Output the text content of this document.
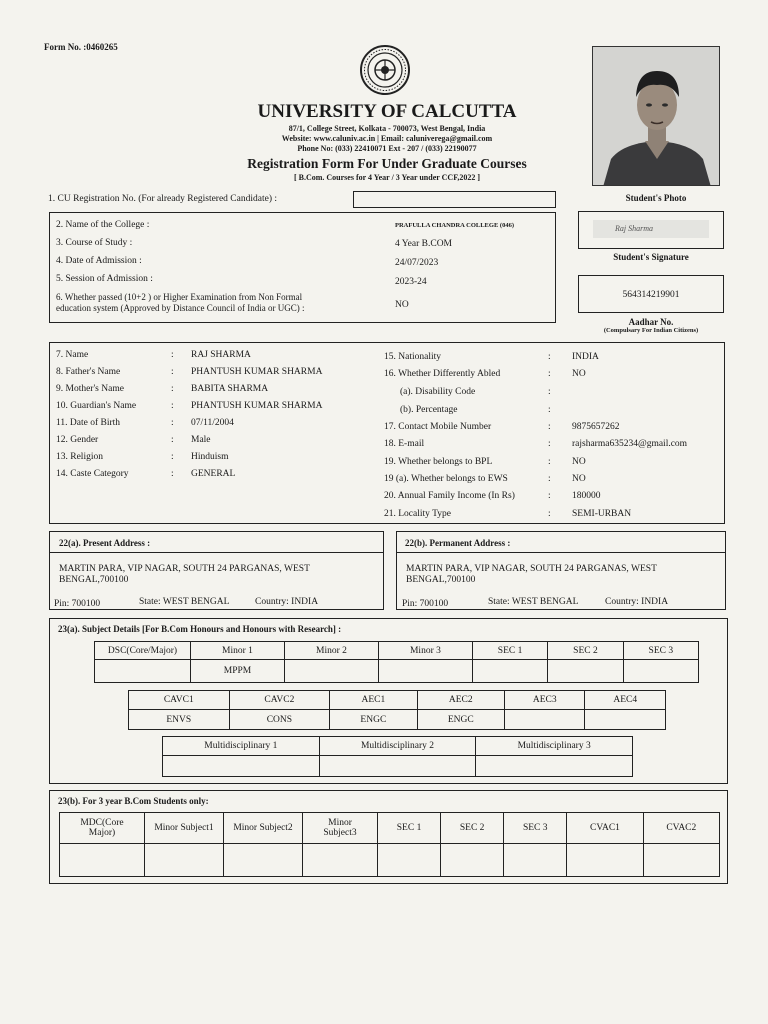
Form No. :0460265
UNIVERSITY OF CALCUTTA
87/1, College Street, Kolkata - 700073, West Bengal, India
Website: www.caluniv.ac.in | Email: caluniverega@gmail.com
Phone No: (033) 22410071 Ext - 207 / (033) 22190077
Registration Form For Under Graduate Courses
[ B.Com. Courses for 4 Year / 3 Year under CCF,2022 ]
Student's Photo
Raj Sharma
Student's Signature
564314219901
Aadhar No.
(Compulsary For Indian Citizens)
1. CU Registration No. (For already Registered Candidate) :
2. Name of the College :	PRAFULLA CHANDRA COLLEGE (046)
3. Course of Study :	4 Year B.COM
4. Date of Admission :	24/07/2023
5. Session of Admission :	2023-24
6. Whether passed (10+2 ) or Higher Examination from Non Formal
education system (Approved by Distance Council of India or UGC) :	NO
7. Name	: RAJ SHARMA
8. Father's Name	: PHANTUSH KUMAR SHARMA
9. Mother's Name	: BABITA SHARMA
10. Guardian's Name	: PHANTUSH KUMAR SHARMA
11. Date of Birth	: 07/11/2004
12. Gender	: Male
13. Religion	: Hinduism
14. Caste Category	: GENERAL
15. Nationality	: INDIA
16. Whether Differently Abled	: NO
(a). Disability Code	:
(b). Percentage	:
17. Contact Mobile Number	: 9875657262
18. E-mail	: rajsharma635234@gmail.com
19. Whether belongs to BPL	: NO
19 (a). Whether belongs to EWS	: NO
20. Annual Family Income (In Rs)	: 180000
21. Locality Type	: SEMI-URBAN
22(a). Present Address :
MARTIN PARA, VIP NAGAR, SOUTH 24 PARGANAS, WEST
BENGAL,700100
Pin: 700100	State: WEST BENGAL	Country: INDIA
22(b). Permanent Address :
MARTIN PARA, VIP NAGAR, SOUTH 24 PARGANAS, WEST
BENGAL,700100
Pin: 700100	State: WEST BENGAL	Country: INDIA
23(a). Subject Details [For B.Com Honours and Honours with Research] :
DSC(Core/Major)	Minor 1	Minor 2	Minor 3	SEC 1	SEC 2	SEC 3
	MPPM					
CAVC1	CAVC2	AEC1	AEC2	AEC3	AEC4
ENVS	CONS	ENGC	ENGC		
Multidisciplinary 1	Multidisciplinary 2	Multidisciplinary 3

23(b). For 3 year B.Com Students only:
MDC(Core Major)	Minor Subject1	Minor Subject2	Minor Subject3	SEC 1	SEC 2	SEC 3	CVAC1	CVAC2
